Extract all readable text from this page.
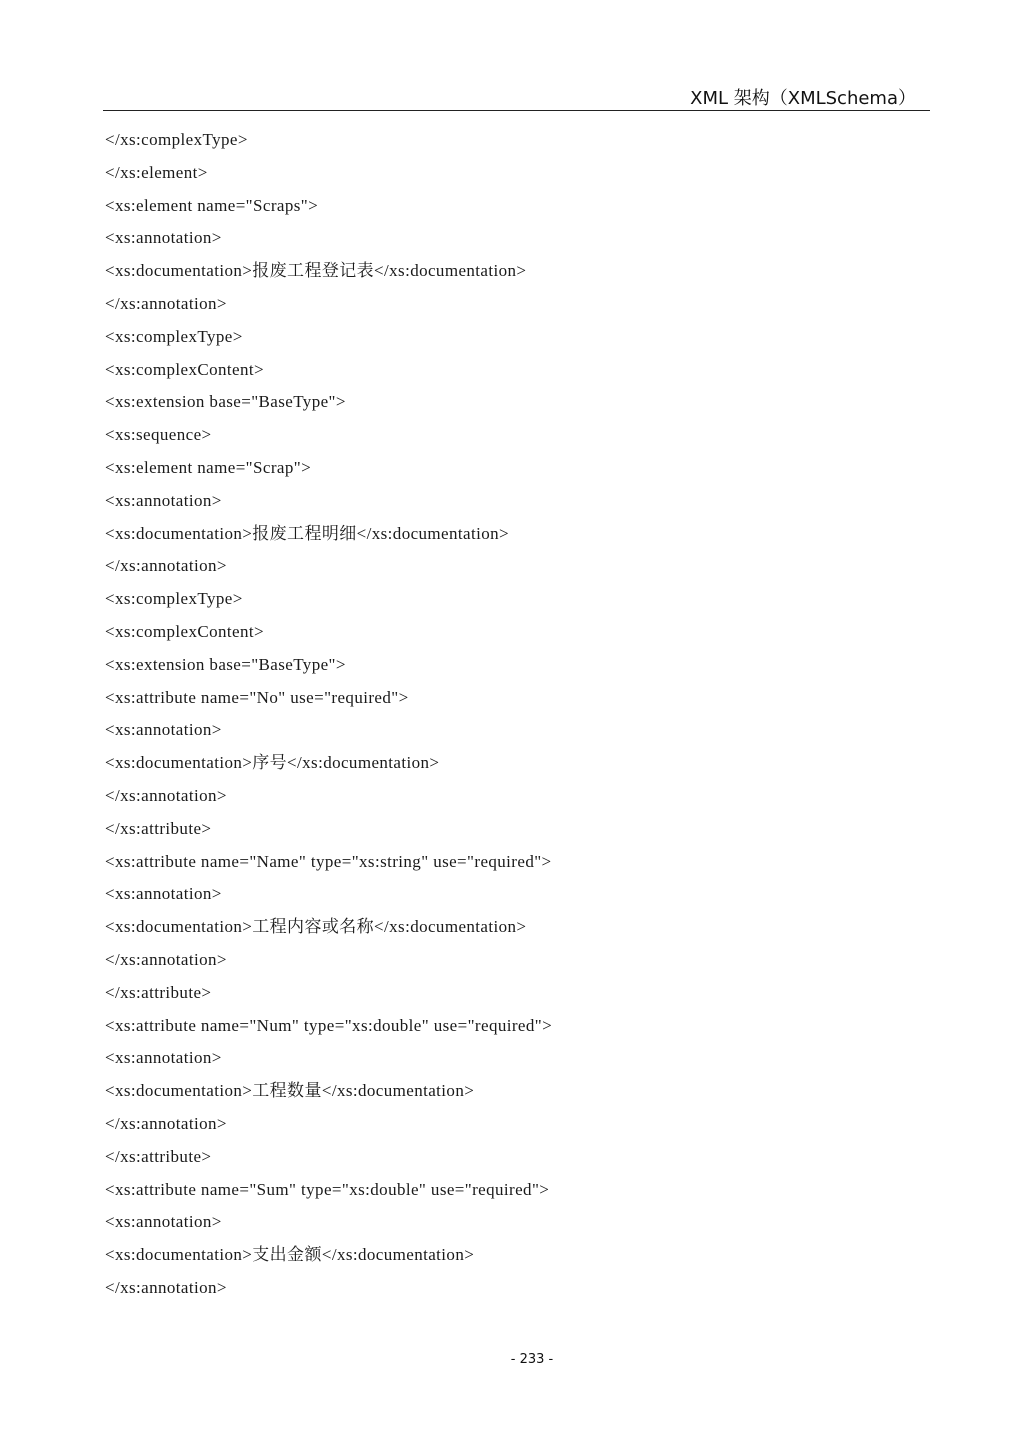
XML 架构（XMLSchema）
</xs:complexType>
</xs:element>
<xs:element name="Scraps">
<xs:annotation>
<xs:documentation>报废工程登记表</xs:documentation>
</xs:annotation>
<xs:complexType>
<xs:complexContent>
<xs:extension base="BaseType">
<xs:sequence>
<xs:element name="Scrap">
<xs:annotation>
<xs:documentation>报废工程明细</xs:documentation>
</xs:annotation>
<xs:complexType>
<xs:complexContent>
<xs:extension base="BaseType">
<xs:attribute name="No" use="required">
<xs:annotation>
<xs:documentation>序号</xs:documentation>
</xs:annotation>
</xs:attribute>
<xs:attribute name="Name" type="xs:string" use="required">
<xs:annotation>
<xs:documentation>工程内容或名称</xs:documentation>
</xs:annotation>
</xs:attribute>
<xs:attribute name="Num" type="xs:double" use="required">
<xs:annotation>
<xs:documentation>工程数量</xs:documentation>
</xs:annotation>
</xs:attribute>
<xs:attribute name="Sum" type="xs:double" use="required">
<xs:annotation>
<xs:documentation>支出金额</xs:documentation>
</xs:annotation>
- 233 -
